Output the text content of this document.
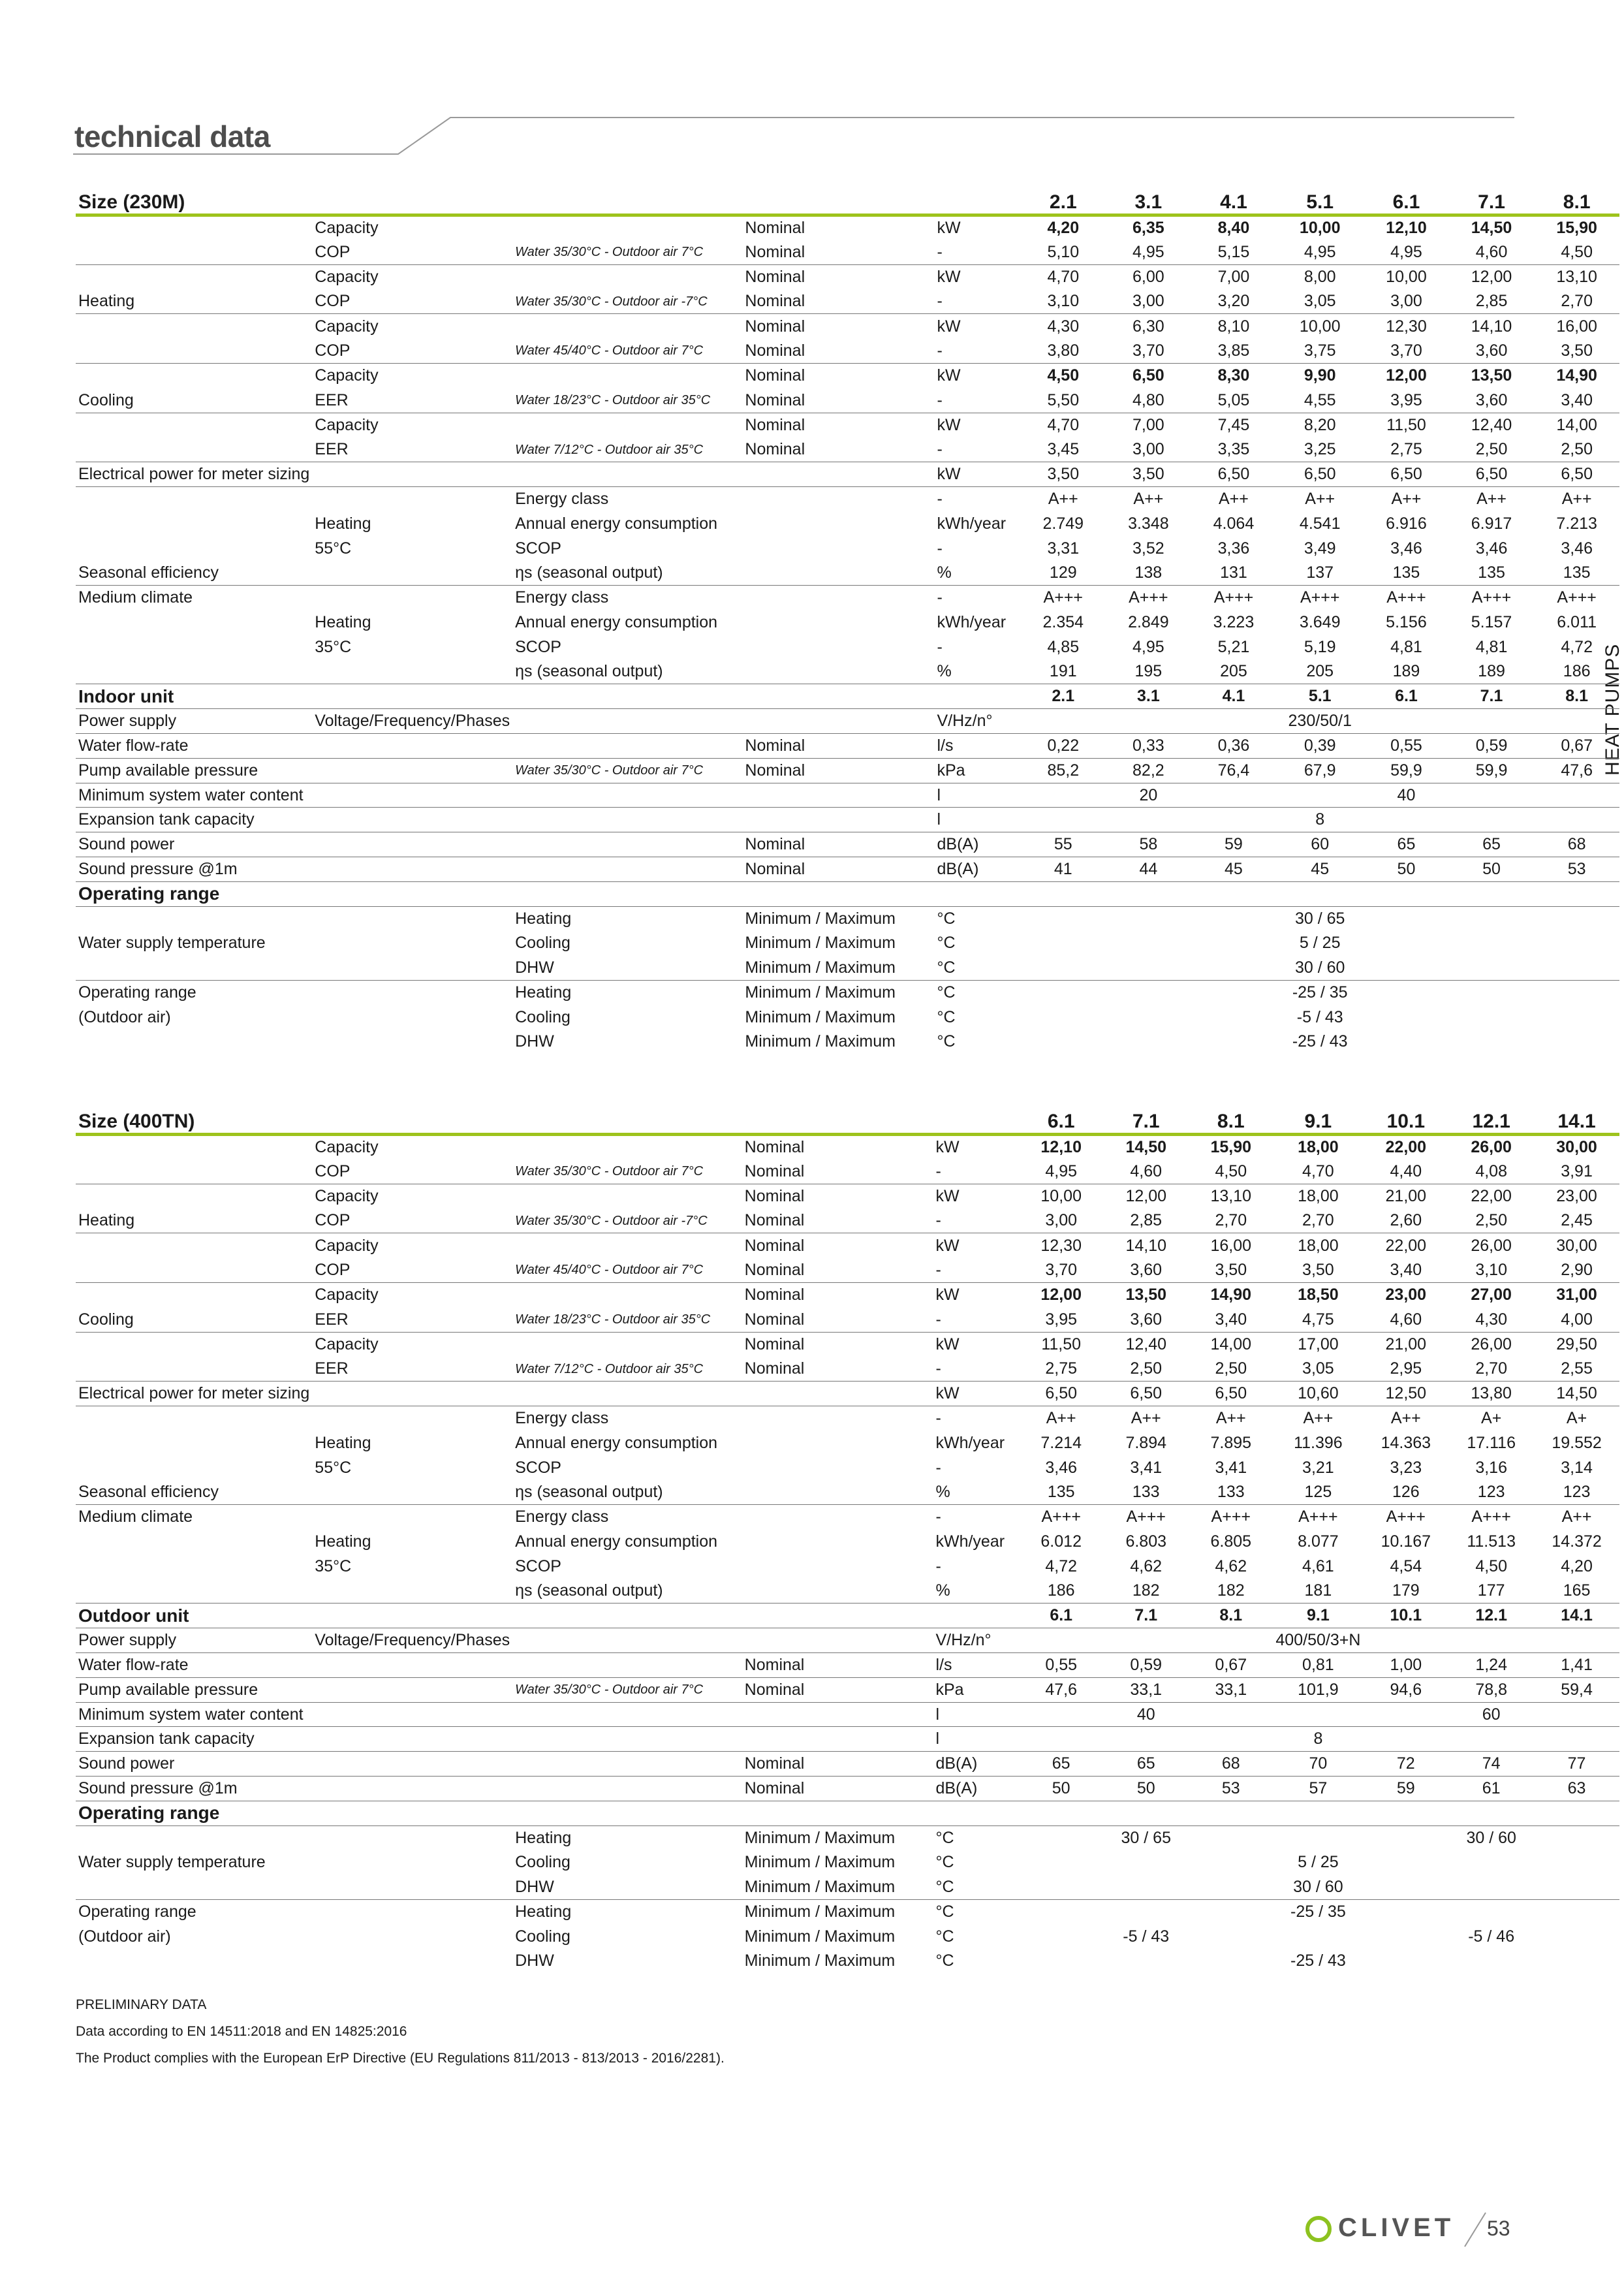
technical data
HEAT PUMPS
Size (230M)					2.1	3.1	4.1	5.1	6.1	7.1	8.1
	Capacity		Nominal	kW	4,20	6,35	8,40	10,00	12,10	14,50	15,90
	COP	Water 35/30°C - Outdoor air 7°C	Nominal	-	5,10	4,95	5,15	4,95	4,95	4,60	4,50
	Capacity		Nominal	kW	4,70	6,00	7,00	8,00	10,00	12,00	13,10
Heating	COP	Water 35/30°C - Outdoor air -7°C	Nominal	-	3,10	3,00	3,20	3,05	3,00	2,85	2,70
	Capacity		Nominal	kW	4,30	6,30	8,10	10,00	12,30	14,10	16,00
	COP	Water 45/40°C - Outdoor air 7°C	Nominal	-	3,80	3,70	3,85	3,75	3,70	3,60	3,50
	Capacity		Nominal	kW	4,50	6,50	8,30	9,90	12,00	13,50	14,90
Cooling	EER	Water 18/23°C - Outdoor air 35°C	Nominal	-	5,50	4,80	5,05	4,55	3,95	3,60	3,40
	Capacity		Nominal	kW	4,70	7,00	7,45	8,20	11,50	12,40	14,00
	EER	Water 7/12°C - Outdoor air 35°C	Nominal	-	3,45	3,00	3,35	3,25	2,75	2,50	2,50
Electrical power for meter sizing				kW	3,50	3,50	6,50	6,50	6,50	6,50	6,50
		Energy class		-	A++	A++	A++	A++	A++	A++	A++
	Heating	Annual energy consumption		kWh/year	2.749	3.348	4.064	4.541	6.916	6.917	7.213
	55°C	SCOP		-	3,31	3,52	3,36	3,49	3,46	3,46	3,46
Seasonal efficiency		ηs (seasonal output)		%	129	138	131	137	135	135	135
Medium climate		Energy class		-	A+++	A+++	A+++	A+++	A+++	A+++	A+++
	Heating	Annual energy consumption		kWh/year	2.354	2.849	3.223	3.649	5.156	5.157	6.011
	35°C	SCOP		-	4,85	4,95	5,21	5,19	4,81	4,81	4,72
		ηs (seasonal output)		%	191	195	205	205	189	189	186
Indoor unit					2.1	3.1	4.1	5.1	6.1	7.1	8.1
Power supply	Voltage/Frequency/Phases			V/Hz/n°				230/50/1			
Water flow-rate			Nominal	l/s	0,22	0,33	0,36	0,39	0,55	0,59	0,67
Pump available pressure		Water 35/30°C - Outdoor air 7°C	Nominal	kPa	85,2	82,2	76,4	67,9	59,9	59,9	47,6
Minimum system water content				l		20			40		
Expansion tank capacity				l				8			
Sound power			Nominal	dB(A)	55	58	59	60	65	65	68
Sound pressure @1m			Nominal	dB(A)	41	44	45	45	50	50	53
Operating range											
		Heating	Minimum / Maximum	°C				30 / 65			
Water supply temperature		Cooling	Minimum / Maximum	°C				5 / 25			
		DHW	Minimum / Maximum	°C				30 / 60			
Operating range		Heating	Minimum / Maximum	°C				-25 / 35			
(Outdoor air)		Cooling	Minimum / Maximum	°C				-5 / 43			
		DHW	Minimum / Maximum	°C				-25 / 43			
Size (400TN)					6.1	7.1	8.1	9.1	10.1	12.1	14.1
	Capacity		Nominal	kW	12,10	14,50	15,90	18,00	22,00	26,00	30,00
	COP	Water 35/30°C - Outdoor air 7°C	Nominal	-	4,95	4,60	4,50	4,70	4,40	4,08	3,91
	Capacity		Nominal	kW	10,00	12,00	13,10	18,00	21,00	22,00	23,00
Heating	COP	Water 35/30°C - Outdoor air -7°C	Nominal	-	3,00	2,85	2,70	2,70	2,60	2,50	2,45
	Capacity		Nominal	kW	12,30	14,10	16,00	18,00	22,00	26,00	30,00
	COP	Water 45/40°C - Outdoor air 7°C	Nominal	-	3,70	3,60	3,50	3,50	3,40	3,10	2,90
	Capacity		Nominal	kW	12,00	13,50	14,90	18,50	23,00	27,00	31,00
Cooling	EER	Water 18/23°C - Outdoor air 35°C	Nominal	-	3,95	3,60	3,40	4,75	4,60	4,30	4,00
	Capacity		Nominal	kW	11,50	12,40	14,00	17,00	21,00	26,00	29,50
	EER	Water 7/12°C - Outdoor air 35°C	Nominal	-	2,75	2,50	2,50	3,05	2,95	2,70	2,55
Electrical power for meter sizing				kW	6,50	6,50	6,50	10,60	12,50	13,80	14,50
		Energy class		-	A++	A++	A++	A++	A++	A+	A+
	Heating	Annual energy consumption		kWh/year	7.214	7.894	7.895	11.396	14.363	17.116	19.552
	55°C	SCOP		-	3,46	3,41	3,41	3,21	3,23	3,16	3,14
Seasonal efficiency		ηs (seasonal output)		%	135	133	133	125	126	123	123
Medium climate		Energy class		-	A+++	A+++	A+++	A+++	A+++	A+++	A++
	Heating	Annual energy consumption		kWh/year	6.012	6.803	6.805	8.077	10.167	11.513	14.372
	35°C	SCOP		-	4,72	4,62	4,62	4,61	4,54	4,50	4,20
		ηs (seasonal output)		%	186	182	182	181	179	177	165
Outdoor unit					6.1	7.1	8.1	9.1	10.1	12.1	14.1
Power supply	Voltage/Frequency/Phases			V/Hz/n°				400/50/3+N			
Water flow-rate			Nominal	l/s	0,55	0,59	0,67	0,81	1,00	1,24	1,41
Pump available pressure		Water 35/30°C - Outdoor air 7°C	Nominal	kPa	47,6	33,1	33,1	101,9	94,6	78,8	59,4
Minimum system water content				l		40				60	
Expansion tank capacity				l				8			
Sound power			Nominal	dB(A)	65	65	68	70	72	74	77
Sound pressure @1m			Nominal	dB(A)	50	50	53	57	59	61	63
Operating range											
		Heating	Minimum / Maximum	°C		30 / 65				30 / 60	
Water supply temperature		Cooling	Minimum / Maximum	°C				5 / 25			
		DHW	Minimum / Maximum	°C				30 / 60			
Operating range		Heating	Minimum / Maximum	°C				-25 / 35			
(Outdoor air)		Cooling	Minimum / Maximum	°C		-5 / 43				-5 / 46	
		DHW	Minimum / Maximum	°C				-25 / 43			
PRELIMINARY DATA
Data according to EN 14511:2018 and EN 14825:2016
The Product complies with the European ErP Directive (EU Regulations 811/2013 - 813/2013 - 2016/2281).
CLIVET 53
